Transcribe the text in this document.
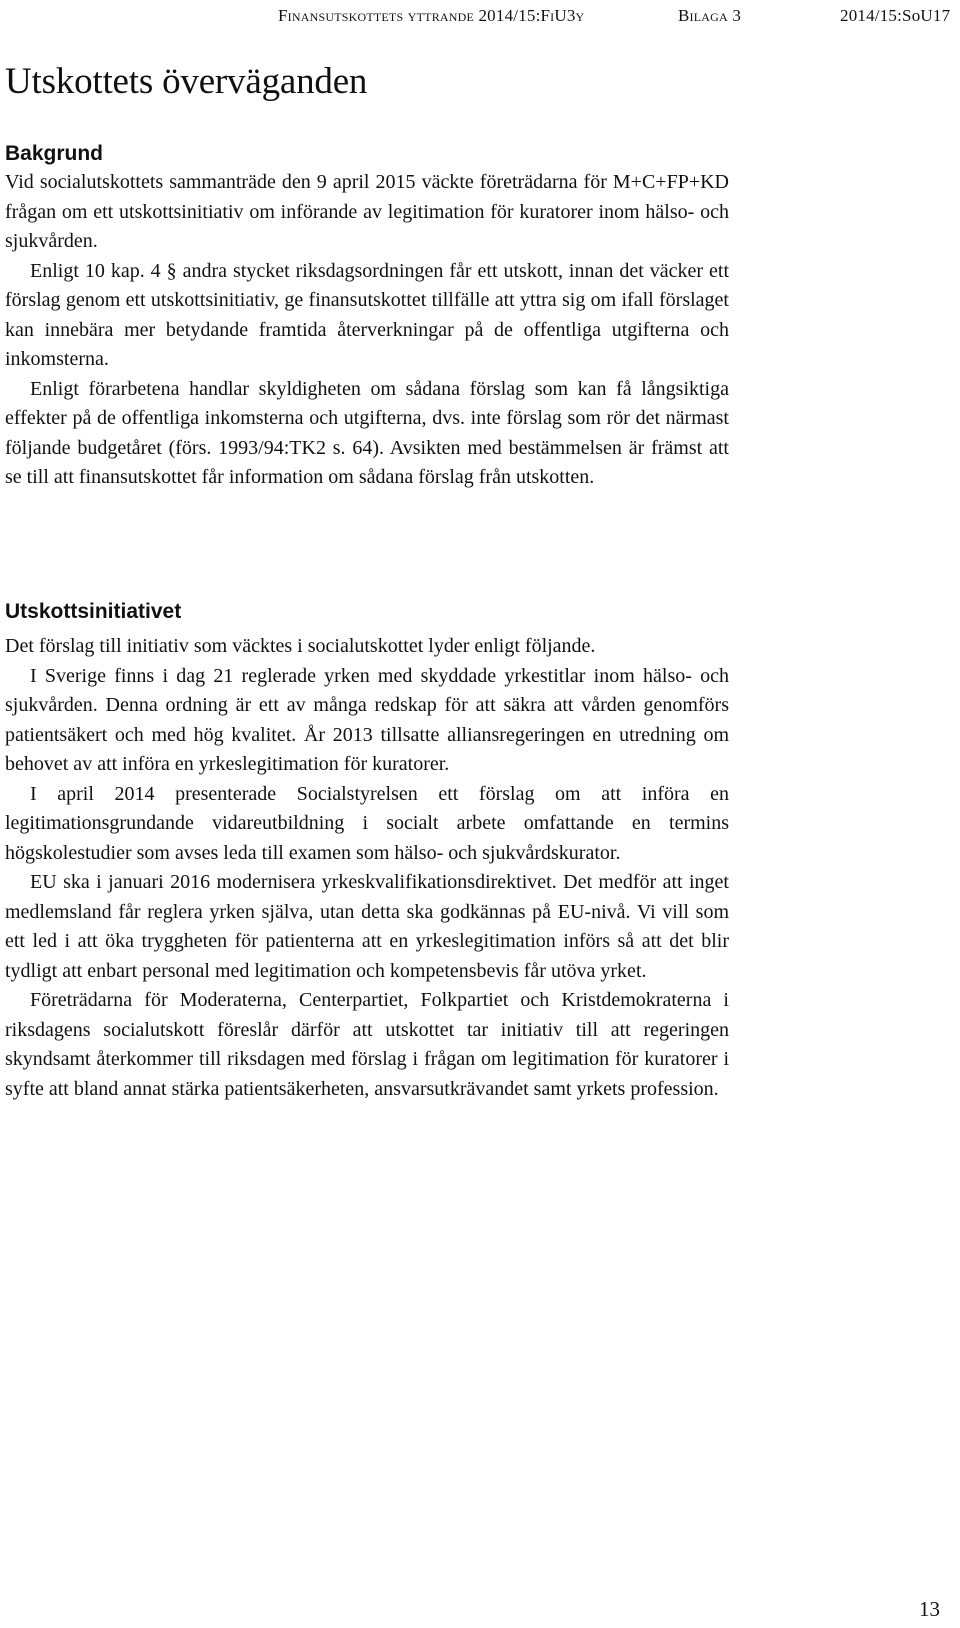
Finansutskottets yttrande 2014/15:FiU3y	Bilaga 3	2014/15:SoU17
Utskottets överväganden
Bakgrund

Vid socialutskottets sammanträde den 9 april 2015 väckte företrädarna för M+C+FP+KD frågan om ett utskottsinitiativ om införande av legitimation för kuratorer inom hälso- och sjukvården.

Enligt 10 kap. 4 § andra stycket riksdagsordningen får ett utskott, innan det väcker ett förslag genom ett utskottsinitiativ, ge finansutskottet tillfälle att yttra sig om ifall förslaget kan innebära mer betydande framtida återverkningar på de offentliga utgifterna och inkomsterna.

Enligt förarbetena handlar skyldigheten om sådana förslag som kan få långsiktiga effekter på de offentliga inkomsterna och utgifterna, dvs. inte förslag som rör det närmast följande budgetåret (förs. 1993/94:TK2 s. 64). Avsikten med bestämmelsen är främst att se till att finansutskottet får information om sådana förslag från utskotten.

Utskottsinitiativet

Det förslag till initiativ som väcktes i socialutskottet lyder enligt följande.

I Sverige finns i dag 21 reglerade yrken med skyddade yrkestitlar inom hälso- och sjukvården. Denna ordning är ett av många redskap för att säkra att vården genomförs patientsäkert och med hög kvalitet. År 2013 tillsatte alliansregeringen en utredning om behovet av att införa en yrkeslegitimation för kuratorer.

I april 2014 presenterade Socialstyrelsen ett förslag om att införa en legitimationsgrundande vidareutbildning i socialt arbete omfattande en termins högskolestudier som avses leda till examen som hälso- och sjukvårdskurator.

EU ska i januari 2016 modernisera yrkeskvalifikationsdirektivet. Det medför att inget medlemsland får reglera yrken själva, utan detta ska godkännas på EU-nivå. Vi vill som ett led i att öka tryggheten för patienterna att en yrkeslegitimation införs så att det blir tydligt att enbart personal med legitimation och kompetensbevis får utöva yrket.

Företrädarna för Moderaterna, Centerpartiet, Folkpartiet och Kristdemokraterna i riksdagens socialutskott föreslår därför att utskottet tar initiativ till att regeringen skyndsamt återkommer till riksdagen med förslag i frågan om legitimation för kuratorer i syfte att bland annat stärka patientsäkerheten, ansvarsutkrävandet samt yrkets profession.

13
